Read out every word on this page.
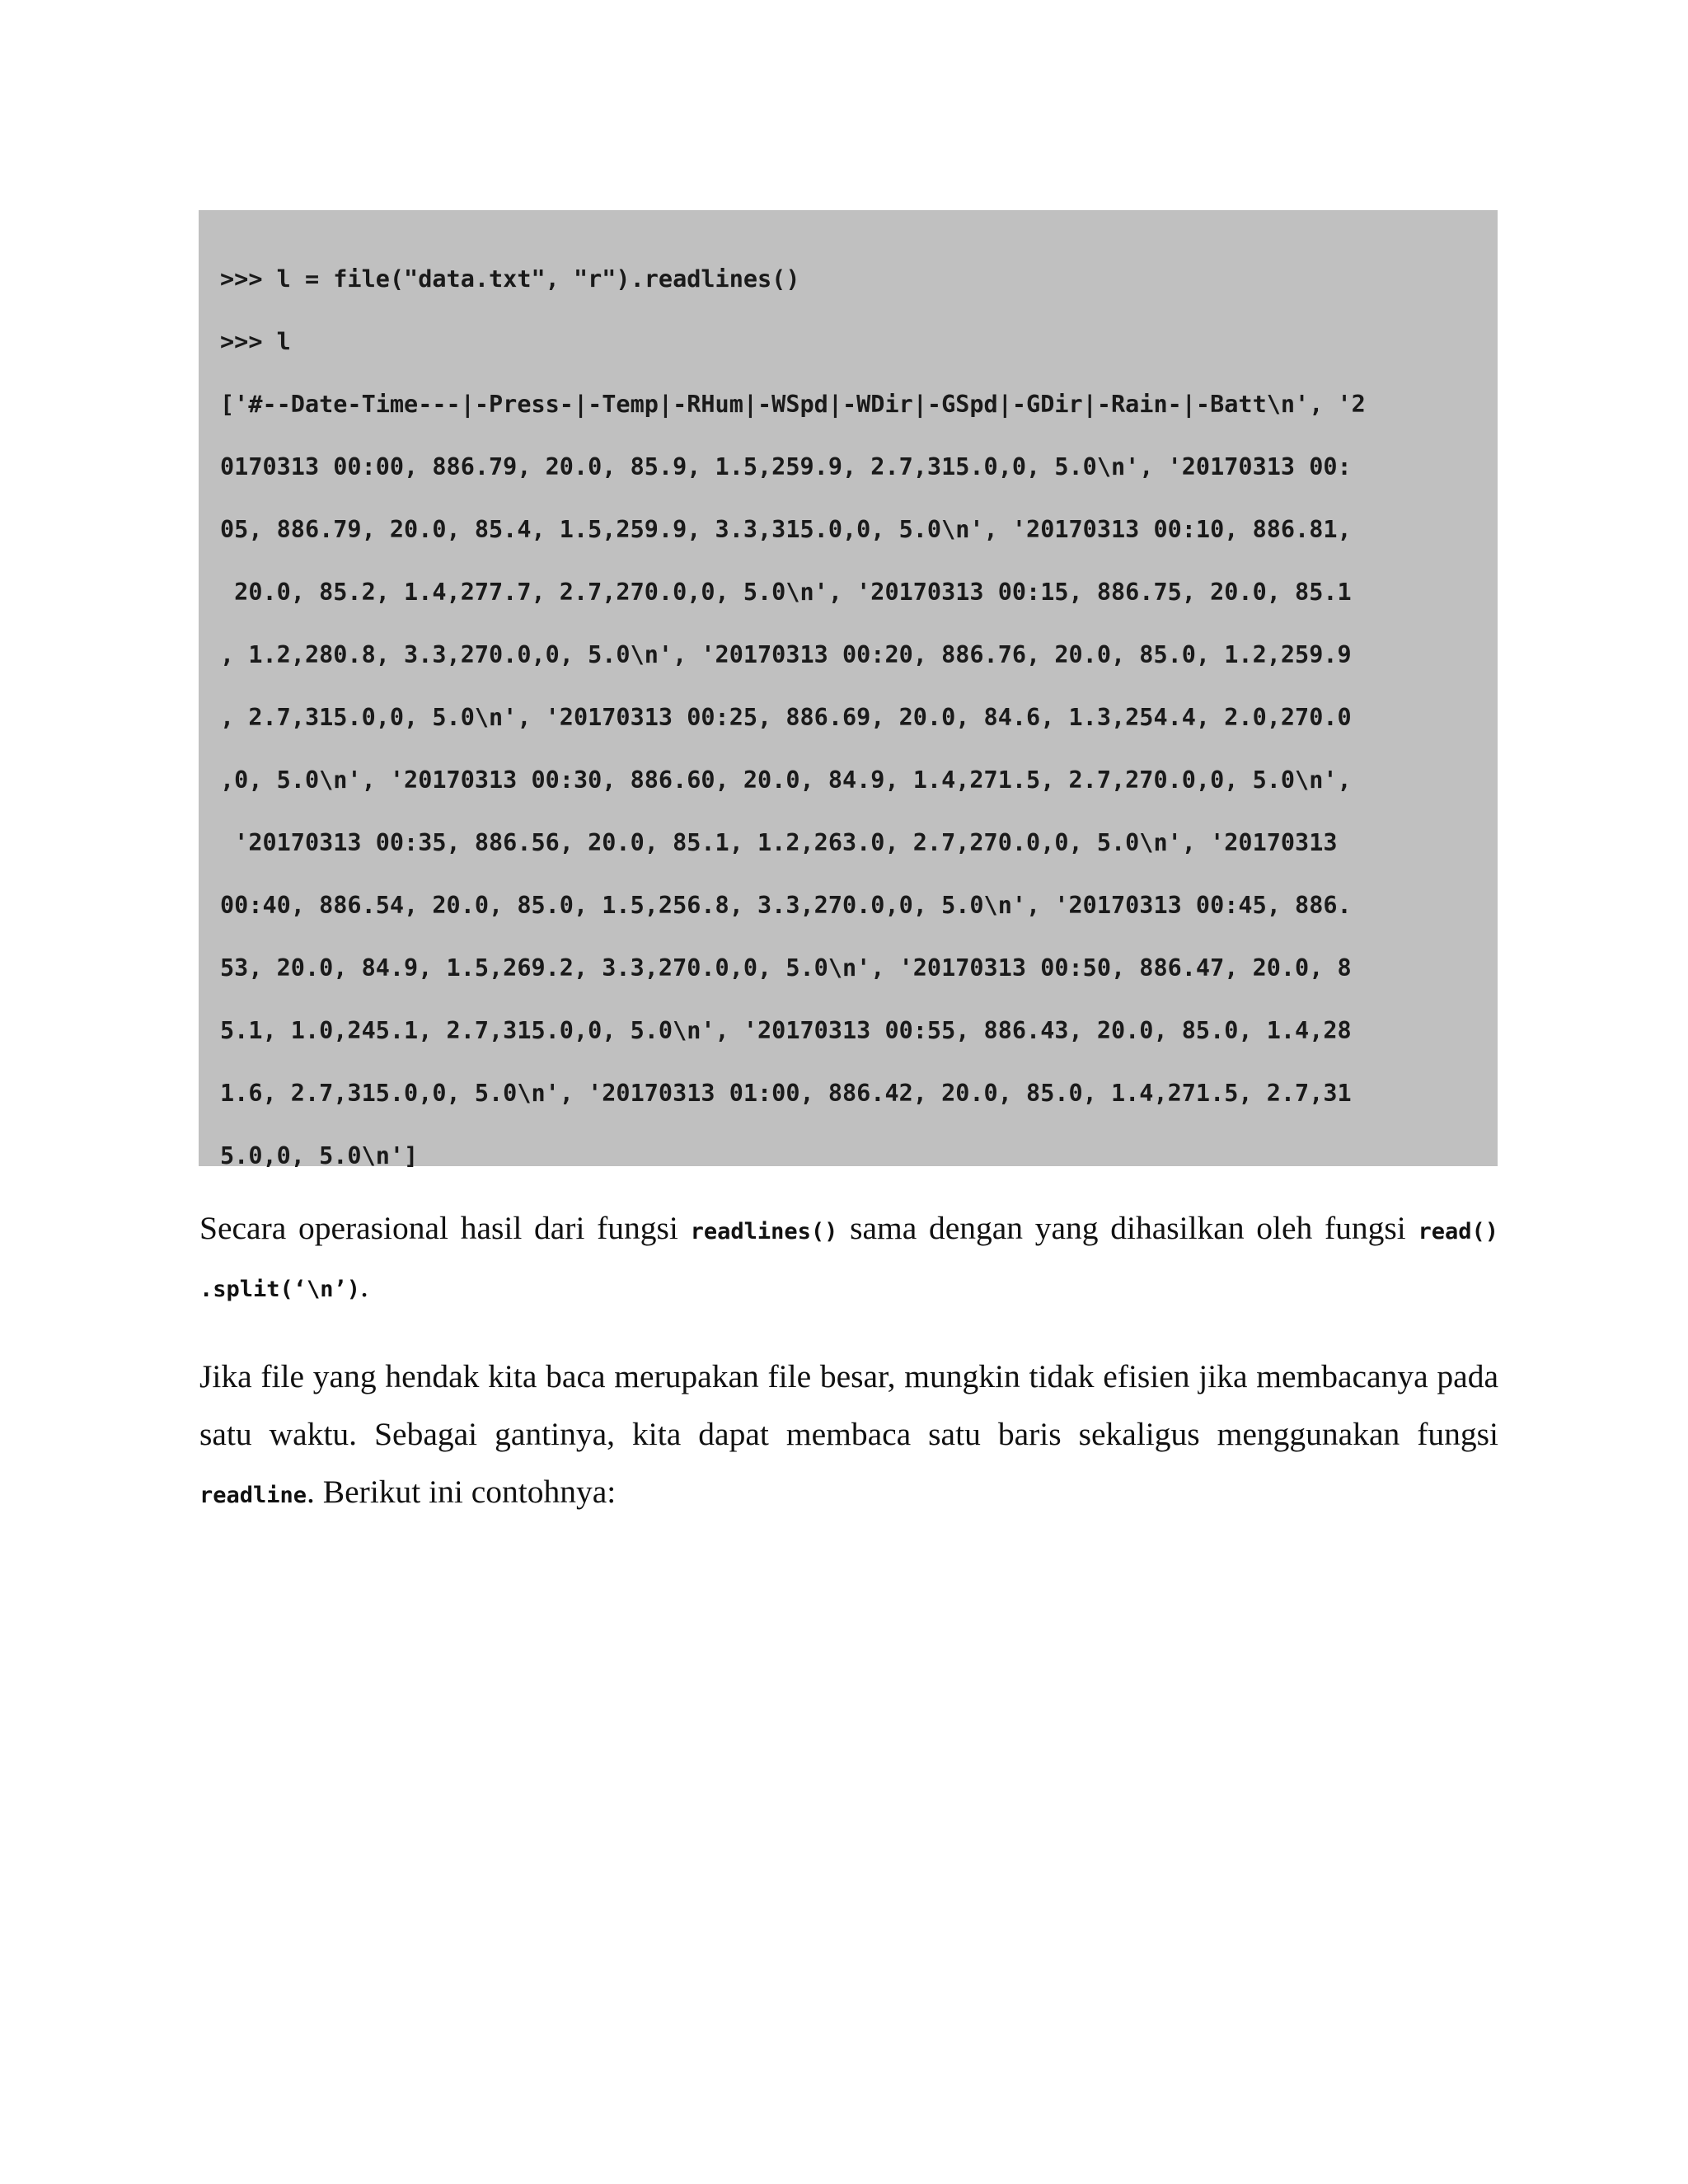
>>> l = file("data.txt", "r").readlines()
>>> l
['#--Date-Time---|-Press-|-Temp|-RHum|-WSpd|-WDir|-GSpd|-GDir|-Rain-|-Batt\n', '2
0170313 00:00, 886.79, 20.0, 85.9, 1.5,259.9, 2.7,315.0,0, 5.0\n', '20170313 00:
05, 886.79, 20.0, 85.4, 1.5,259.9, 3.3,315.0,0, 5.0\n', '20170313 00:10, 886.81,
20.0, 85.2, 1.4,277.7, 2.7,270.0,0, 5.0\n', '20170313 00:15, 886.75, 20.0, 85.1
, 1.2,280.8, 3.3,270.0,0, 5.0\n', '20170313 00:20, 886.76, 20.0, 85.0, 1.2,259.9
, 2.7,315.0,0, 5.0\n', '20170313 00:25, 886.69, 20.0, 84.6, 1.3,254.4, 2.0,270.0
,0, 5.0\n', '20170313 00:30, 886.60, 20.0, 84.9, 1.4,271.5, 2.7,270.0,0, 5.0\n',
'20170313 00:35, 886.56, 20.0, 85.1, 1.2,263.0, 2.7,270.0,0, 5.0\n', '20170313
00:40, 886.54, 20.0, 85.0, 1.5,256.8, 3.3,270.0,0, 5.0\n', '20170313 00:45, 886.
53, 20.0, 84.9, 1.5,269.2, 3.3,270.0,0, 5.0\n', '20170313 00:50, 886.47, 20.0, 8
5.1, 1.0,245.1, 2.7,315.0,0, 5.0\n', '20170313 00:55, 886.43, 20.0, 85.0, 1.4,28
1.6, 2.7,315.0,0, 5.0\n', '20170313 01:00, 886.42, 20.0, 85.0, 1.4,271.5, 2.7,31
5.0,0, 5.0\n']
Secara operasional hasil dari fungsi readlines() sama dengan yang dihasilkan oleh fungsi read()
.split(‘\n’).
Jika file yang hendak kita baca merupakan file besar, mungkin tidak efisien jika membacanya pada
satu waktu. Sebagai gantinya, kita dapat membaca satu baris sekaligus menggunakan fungsi
readline. Berikut ini contohnya:
